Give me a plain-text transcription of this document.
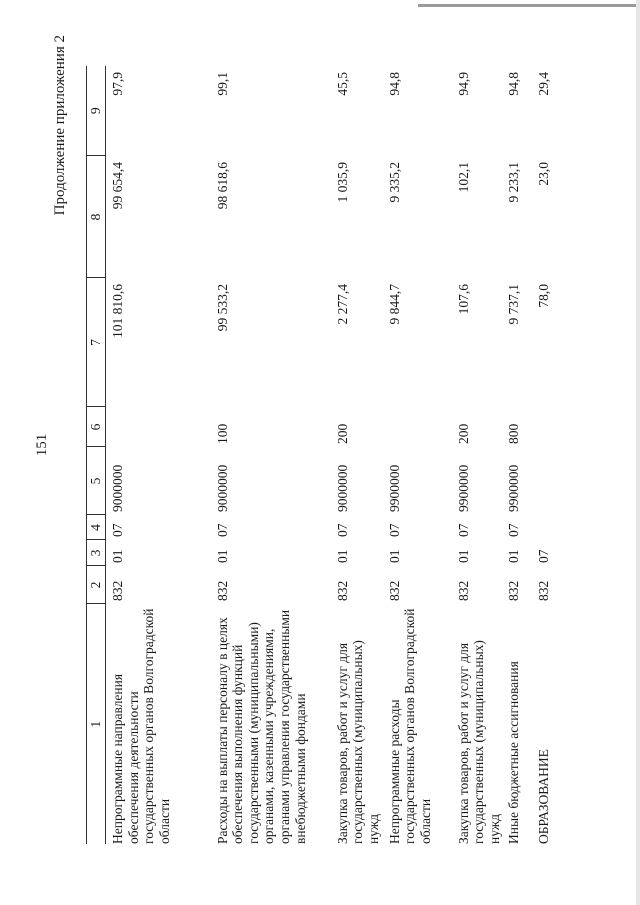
151
Продолжение приложения 2
1	2	3	4	5	6	7	8	9
Непрограммные направления обеспечения деятельности государственных органов Волгоградской области	832	01	07	9000000		101 810,6	99 654,4	97,9
Расходы на выплаты персоналу в целях обеспечения выполнения функций государственными (муниципальными) органами, казенными учреждениями, органами управления государственными внебюджетными фондами	832	01	07	9000000	100	99 533,2	98 618,6	99,1
Закупка товаров, работ и услуг для государственных (муниципальных) нужд	832	01	07	9000000	200	2 277,4	1 035,9	45,5
Непрограммные расходы государственных органов Волгоградской области	832	01	07	9900000		9 844,7	9 335,2	94,8
Закупка товаров, работ и услуг для государственных (муниципальных) нужд	832	01	07	9900000	200	107,6	102,1	94,9
Иные бюджетные ассигнования	832	01	07	9900000	800	9 737,1	9 233,1	94,8
ОБРАЗОВАНИЕ	832	07				78,0	23,0	29,4
